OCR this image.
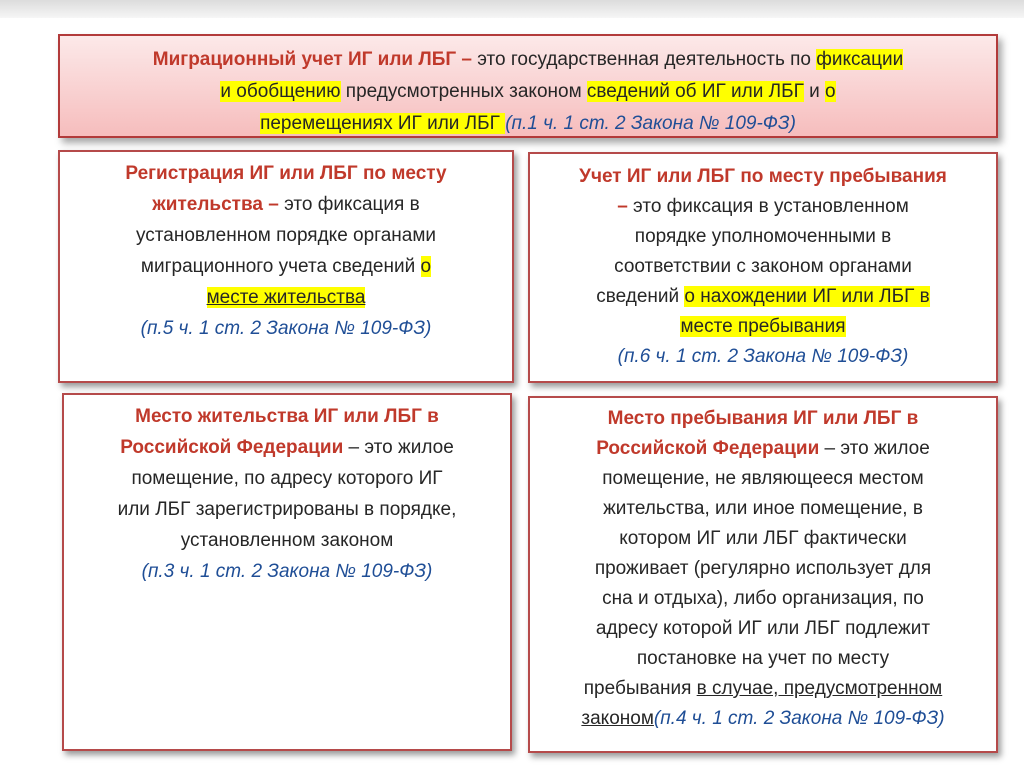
Миграционный учет ИГ или ЛБГ – это государственная деятельность по фиксации
и обобщению предусмотренных законом сведений об ИГ или ЛБГ и о
перемещениях ИГ или ЛБГ (п.1 ч. 1 ст. 2 Закона № 109-ФЗ)
Регистрация ИГ или ЛБГ по месту
жительства – это фиксация в
установленном порядке органами
миграционного учета сведений о
месте жительства
(п.5 ч. 1 ст. 2 Закона № 109-ФЗ)
Учет ИГ или ЛБГ по месту пребывания
– это фиксация в установленном
порядке уполномоченными в
соответствии с законом органами
сведений о нахождении ИГ или ЛБГ в
месте пребывания
(п.6 ч. 1 ст. 2 Закона № 109-ФЗ)
Место жительства ИГ или ЛБГ в
Российской Федерации – это жилое
помещение, по адресу которого ИГ
или ЛБГ зарегистрированы в порядке,
установленном законом
(п.3 ч. 1 ст. 2 Закона № 109-ФЗ)
Место пребывания ИГ или ЛБГ в
Российской Федерации – это жилое
помещение, не являющееся местом
жительства, или иное помещение, в
котором ИГ или ЛБГ фактически
проживает (регулярно использует для
сна и отдыха), либо организация, по
адресу которой ИГ или ЛБГ подлежит
постановке на учет по месту
пребывания в случае, предусмотренном
законом(п.4 ч. 1 ст. 2 Закона № 109-ФЗ)
